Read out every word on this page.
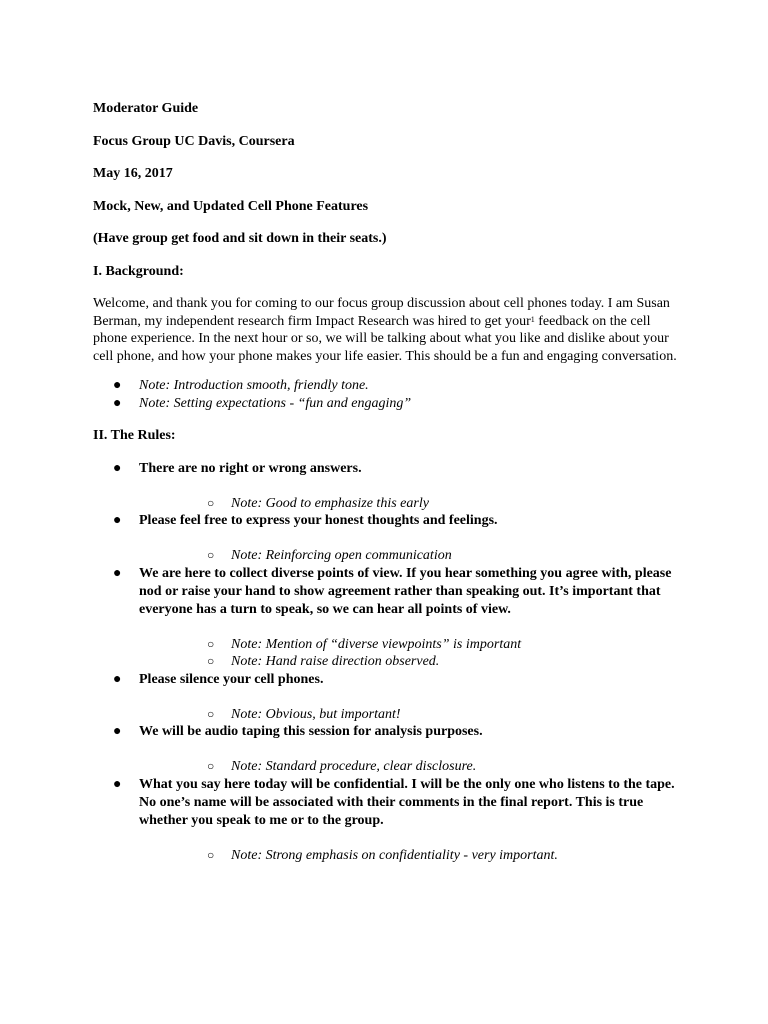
Moderator Guide
Focus Group UC Davis, Coursera
May 16, 2017
Mock, New, and Updated Cell Phone Features
(Have group get food and sit down in their seats.)
I. Background:
Welcome, and thank you for coming to our focus group discussion about cell phones today. I am Susan Berman, my independent research firm Impact Research was hired to get your$^1$ feedback on the cell phone experience. In the next hour or so, we will be talking about what you like and dislike about your cell phone, and how your phone makes your life easier. This should be a fun and engaging conversation.
● Note: Introduction smooth, friendly tone.
● Note: Setting expectations - “fun and engaging”
II. The Rules:
● There are no right or wrong answers.
○ Note: Good to emphasize this early
● Please feel free to express your honest thoughts and feelings.
○ Note: Reinforcing open communication
● We are here to collect diverse points of view. If you hear something you agree with, please nod or raise your hand to show agreement rather than speaking out. It’s important that everyone has a turn to speak, so we can hear all points of view.
○ Note: Mention of “diverse viewpoints” is important
○ Note: Hand raise direction observed.
● Please silence your cell phones.
○ Note: Obvious, but important!
● We will be audio taping this session for analysis purposes.
○ Note: Standard procedure, clear disclosure.
● What you say here today will be confidential. I will be the only one who listens to the tape. No one’s name will be associated with their comments in the final report. This is true whether you speak to me or to the group.
○ Note: Strong emphasis on confidentiality - very important.
